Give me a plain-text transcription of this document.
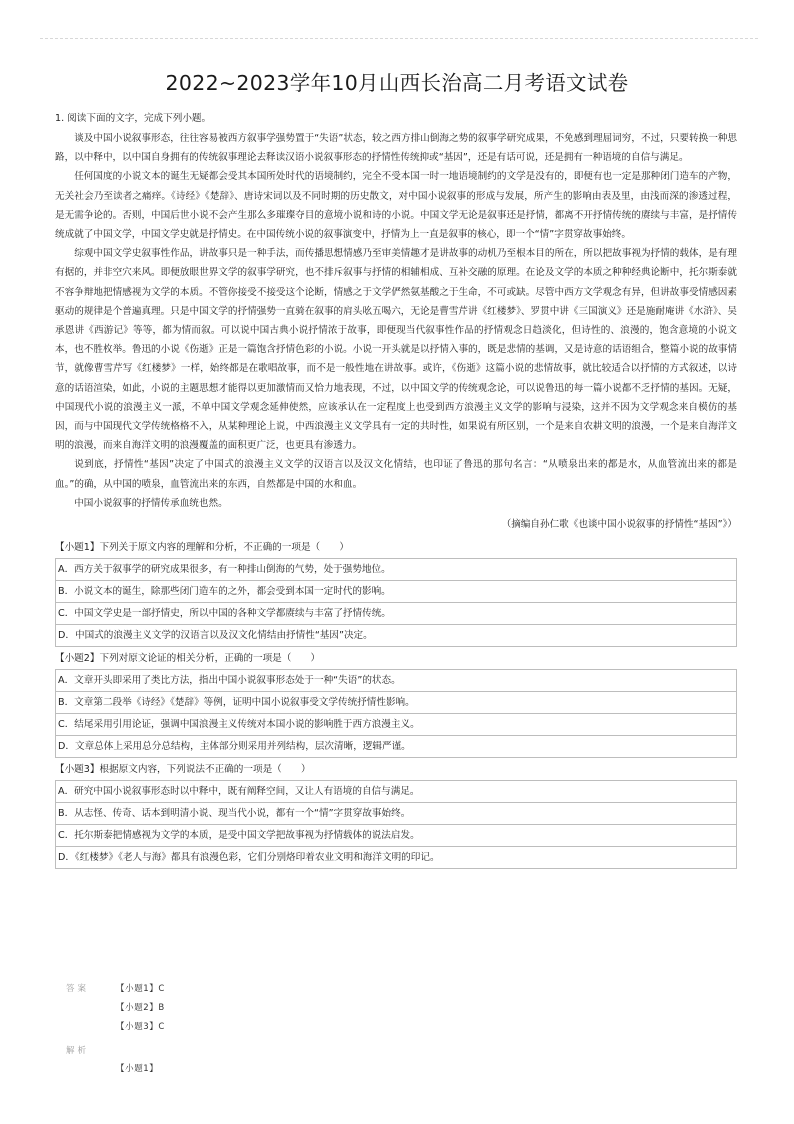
2022~2023学年10月山西长治高二月考语文试卷

1. 阅读下面的文字，完成下列小题。

谈及中国小说叙事形态，往往容易被西方叙事学强势置于“失语”状态，较之西方排山倒海之势的叙事学研究成果，不免感到理屈词穷，不过，只要转换一种思路，以中释中，以中国自身拥有的传统叙事理论去释读汉语小说叙事形态的抒情性传统抑或“基因”，还是有话可说，还是拥有一种语境的自信与满足。

任何国度的小说文本的诞生无疑都会受其本国所处时代的语境制约，完全不受本国一时一地语境制约的文学是没有的，即便有也一定是那种闭门造车的产物，无关社会乃至读者之痛痒。《诗经》《楚辞》、唐诗宋词以及不同时期的历史散文，对中国小说叙事的形成与发展，所产生的影响由表及里，由浅而深的渗透过程，是无需争论的。否则，中国后世小说不会产生那么多璀璨夺目的意境小说和诗的小说。中国文学无论是叙事还是抒情，都离不开抒情传统的赓续与丰富，是抒情传统成就了中国文学，中国文学史就是抒情史。在中国传统小说的叙事演变中，抒情为上一直是叙事的核心，即一个“情”字贯穿故事始终。

综观中国文学史叙事性作品，讲故事只是一种手法，而传播思想情感乃至审美情趣才是讲故事的动机乃至根本目的所在，所以把故事视为抒情的载体，是有理有据的，并非空穴来风。即便放眼世界文学的叙事学研究，也不排斥叙事与抒情的相辅相成、互补交融的原理。在论及文学的本质之种种经典论断中，托尔斯泰就不容争辩地把情感视为文学的本质。不管你接受不接受这个论断，情感之于文学俨然氨基酸之于生命，不可或缺。尽管中西方文学观念有异，但讲故事受情感因素驱动的规律是个普遍真理。只是中国文学的抒情强势一直骑在叙事的肩头吆五喝六，无论是曹雪芹讲《红楼梦》、罗贯中讲《三国演义》还是施耐庵讲《水浒》、吴承恩讲《西游记》等等，都为情而叙。可以说中国古典小说抒情浓于故事，即便现当代叙事性作品的抒情观念日趋淡化，但诗性的、浪漫的，饱含意境的小说文本，也不胜枚举。鲁迅的小说《伤逝》正是一篇饱含抒情色彩的小说。小说一开头就是以抒情入事的，既是悲情的基调，又是诗意的话语组合，整篇小说的故事情节，就像曹雪芹写《红楼梦》一样，始终都是在歌唱故事，而不是一般性地在讲故事。或许，《伤逝》这篇小说的悲情故事，就比较适合以抒情的方式叙述，以诗意的话语渲染，如此，小说的主题思想才能得以更加激情而又恰力地表现，不过，以中国文学的传统观念论，可以说鲁迅的每一篇小说都不乏抒情的基因。无疑，中国现代小说的浪漫主义一派，不单中国文学观念延伸使然，应该承认在一定程度上也受到西方浪漫主义文学的影响与浸染，这并不因为文学观念来自模仿的基因，而与中国现代文学传统格格不入，从某种理论上说，中西浪漫主义文学具有一定的共时性，如果说有所区别，一个是来自农耕文明的浪漫，一个是来自海洋文明的浪漫，而来自海洋文明的浪漫覆盖的面积更广泛，也更具有渗透力。

说到底，抒情性“基因”决定了中国式的浪漫主义文学的汉语言以及汉文化情结，也印证了鲁迅的那句名言：“从喷泉出来的都是水，从血管流出来的都是血。”的确，从中国的喷泉，血管流出来的东西，自然都是中国的水和血。

中国小说叙事的抒情传承血统也然。

（摘编自孙仁歌《也谈中国小说叙事的抒情性“基因”》）

【小题1】下列关于原文内容的理解和分析，不正确的一项是（　　）

A．西方关于叙事学的研究成果很多，有一种排山倒海的气势，处于强势地位。
B．小说文本的诞生，除那些闭门造车的之外，都会受到本国一定时代的影响。
C．中国文学史是一部抒情史，所以中国的各种文学都赓续与丰富了抒情传统。
D．中国式的浪漫主义文学的汉语言以及汉文化情结由抒情性“基因”决定。

【小题2】下列对原文论证的相关分析，正确的一项是（　　）

A．文章开头即采用了类比方法，指出中国小说叙事形态处于一种“失语”的状态。
B．文章第二段举《诗经》《楚辞》等例，证明中国小说叙事受文学传统抒情性影响。
C．结尾采用引用论证，强调中国浪漫主义传统对本国小说的影响胜于西方浪漫主义。
D．文章总体上采用总分总结构，主体部分则采用并列结构，层次清晰，逻辑严谨。

【小题3】根据原文内容，下列说法不正确的一项是（　　）

A．研究中国小说叙事形态时以中释中，既有阐释空间，又让人有语境的自信与满足。
B．从志怪、传奇、话本到明清小说、现当代小说，都有一个“情”字贯穿故事始终。
C．托尔斯泰把情感视为文学的本质，是受中国文学把故事视为抒情载体的说法启发。
D．《红楼梦》《老人与海》都具有浪漫色彩，它们分别烙印着农业文明和海洋文明的印记。
答案	【小题1】C
【小题2】B
【小题3】C
解析
【小题1】
